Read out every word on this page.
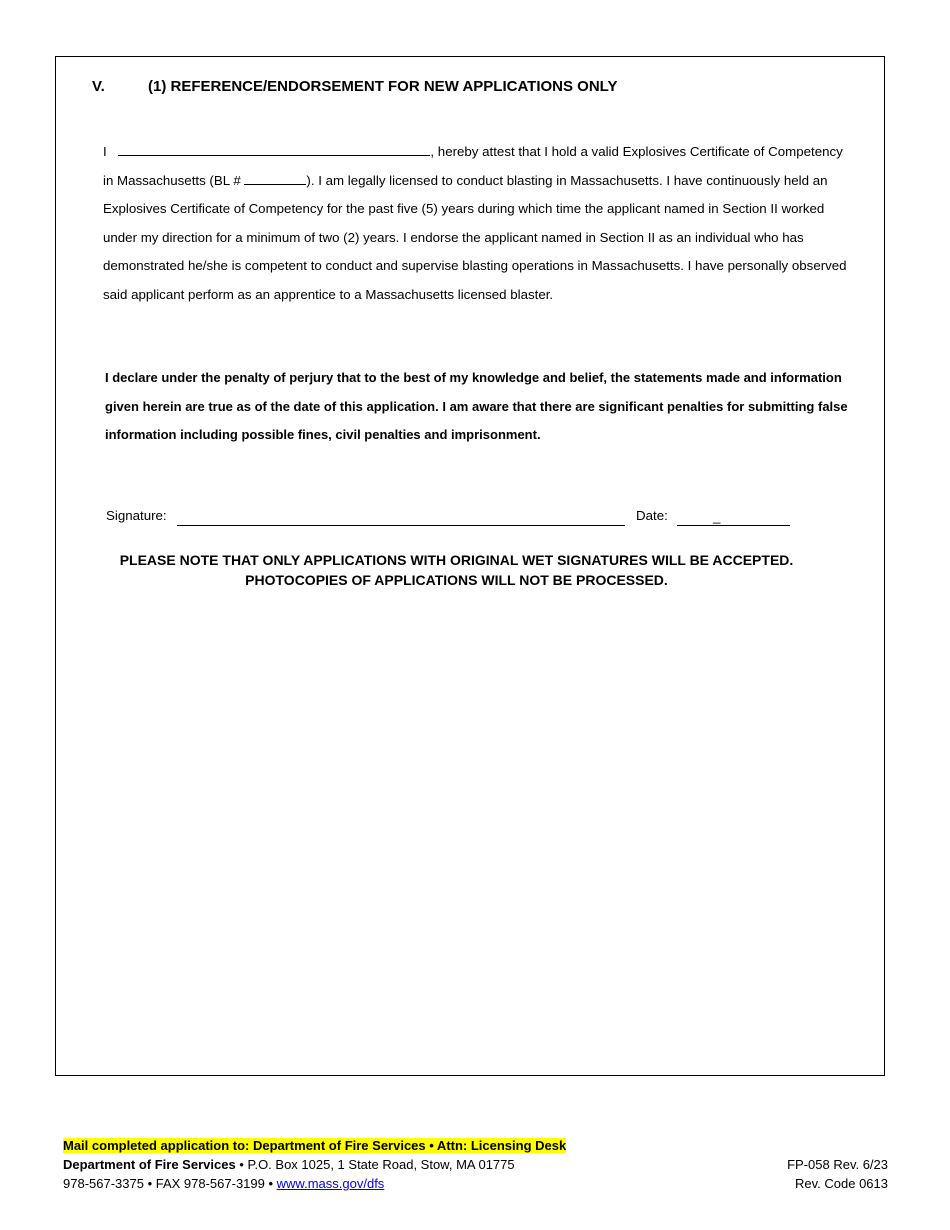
V.	(1) REFERENCE/ENDORSEMENT FOR NEW APPLICATIONS ONLY
I	, hereby attest that I hold a valid Explosives Certificate of Competency in Massachusetts (BL #	). I am legally licensed to conduct blasting in Massachusetts. I have continuously held an Explosives Certificate of Competency for the past five (5) years during which time the applicant named in Section II worked under my direction for a minimum of two (2) years. I endorse the applicant named in Section II as an individual who has demonstrated he/she is competent to conduct and supervise blasting operations in Massachusetts. I have personally observed said applicant perform as an apprentice to a Massachusetts licensed blaster.
I declare under the penalty of perjury that to the best of my knowledge and belief, the statements made and information given herein are true as of the date of this application. I am aware that there are significant penalties for submitting false information including possible fines, civil penalties and imprisonment.
Signature:	Date:	_
PLEASE NOTE THAT ONLY APPLICATIONS WITH ORIGINAL WET SIGNATURES WILL BE ACCEPTED.
PHOTOCOPIES OF APPLICATIONS WILL NOT BE PROCESSED.
Mail completed application to: Department of Fire Services • Attn: Licensing Desk
Department of Fire Services • P.O. Box 1025, 1 State Road, Stow, MA 01775
978-567-3375 • FAX 978-567-3199 • www.mass.gov/dfs
FP-058 Rev. 6/23
Rev. Code 0613
